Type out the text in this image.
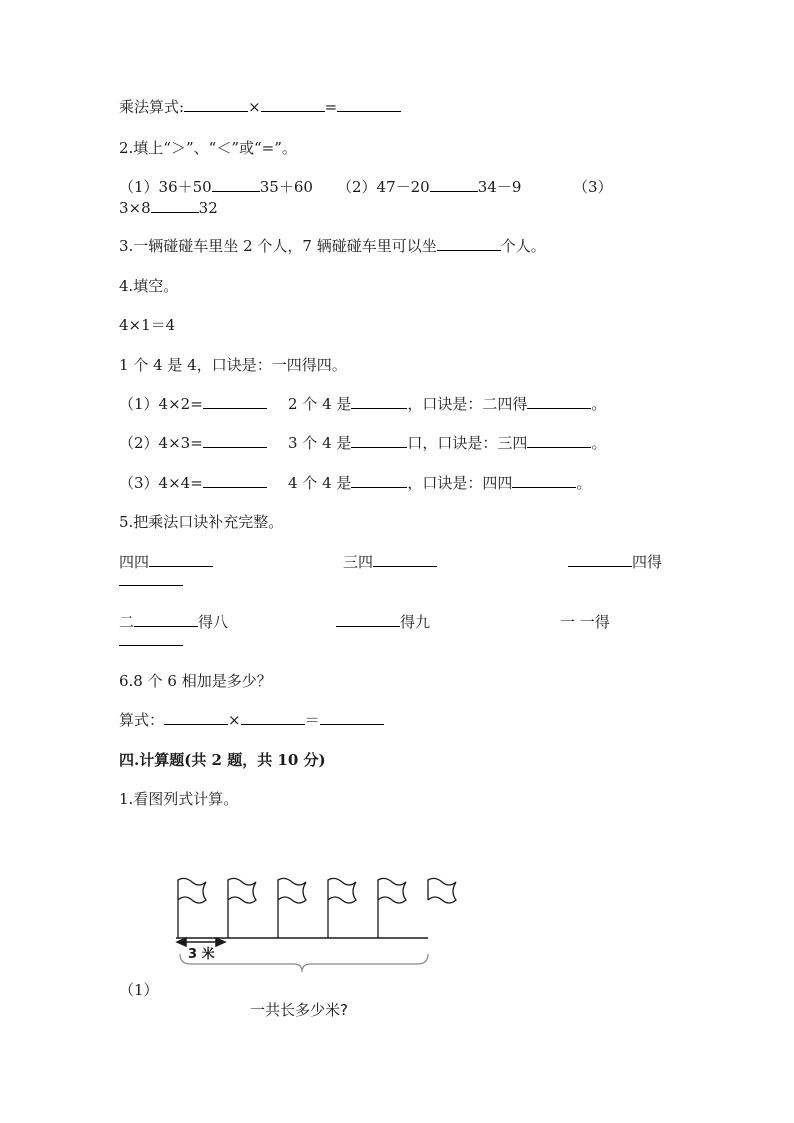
乘法算式:	×	=
2.填上“＞”、“＜”或“=”。
（1）36＋50	35＋60 （2）47－20	34－9	（3）
3×8	32
3.一辆碰碰车里坐 2 个人，7 辆碰碰车里可以坐	个人。
4.填空。
4×1＝4
1 个 4 是 4，口诀是：一四得四。
（1）4×2=	2 个 4 是	，口诀是：二四得	。
（2）4×3=	3 个 4 是	口，口诀是：三四	。
（3）4×4=	4 个 4 是	，口诀是：四四	。
5.把乘法口诀补充完整。
四四	三四	四得
二	得八	得九	一 一得
6.8 个 6 相加是多少？
算式：	×	＝
四.计算题(共 2 题，共 10 分)
1.看图列式计算。
（1）
3 米
一共长多少米?
